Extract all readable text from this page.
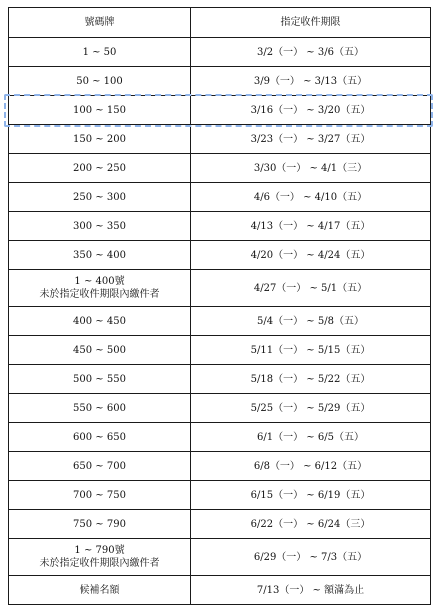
號碼牌	指定收件期限
1 ~ 50	3/2（一） ~ 3/6（五）
50 ~ 100	3/9（一） ~ 3/13（五）
100 ~ 150	3/16（一） ~ 3/20（五）
150 ~ 200	3/23（一） ~ 3/27（五）
200 ~ 250	3/30（一） ~ 4/1（三）
250 ~ 300	4/6（一） ~ 4/10（五）
300 ~ 350	4/13（一） ~ 4/17（五）
350 ~ 400	4/20（一） ~ 4/24（五）

1 ~ 400號
未於指定收件期限內繳件者	4/27（一） ~ 5/1（五）
400 ~ 450	5/4（一） ~ 5/8（五）
450 ~ 500	5/11（一） ~ 5/15（五）
500 ~ 550	5/18（一） ~ 5/22（五）
550 ~ 600	5/25（一） ~ 5/29（五）
600 ~ 650	6/1（一） ~ 6/5（五）
650 ~ 700	6/8（一） ~ 6/12（五）
700 ~ 750	6/15（一） ~ 6/19（五）
750 ~ 790	6/22（一） ~ 6/24（三）

1 ~ 790號
未於指定收件期限內繳件者	6/29（一） ~ 7/3（五）
候補名額	7/13（一） ~ 額滿為止
